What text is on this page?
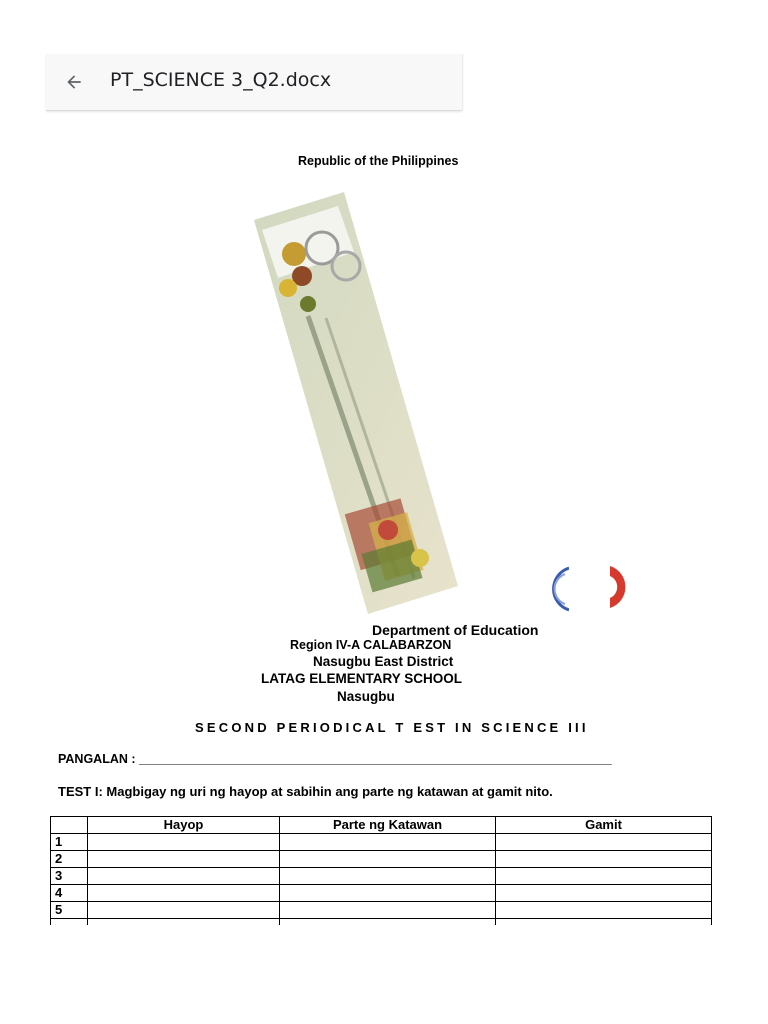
PT_SCIENCE 3_Q2.docx
Republic of the Philippines
Department of Education
Region IV-A CALABARZON
Nasugbu East District
LATAG ELEMENTARY SCHOOL
Nasugbu
SECOND PERIODICAL T EST IN SCIENCE III
PANGALAN : ____________________________________________________________________
TEST I: Magbigay ng uri ng hayop at sabihin ang parte ng katawan at gamit nito.
	Hayop	Parte ng Katawan	Gamit
1			
2			
3			
4			
5			
